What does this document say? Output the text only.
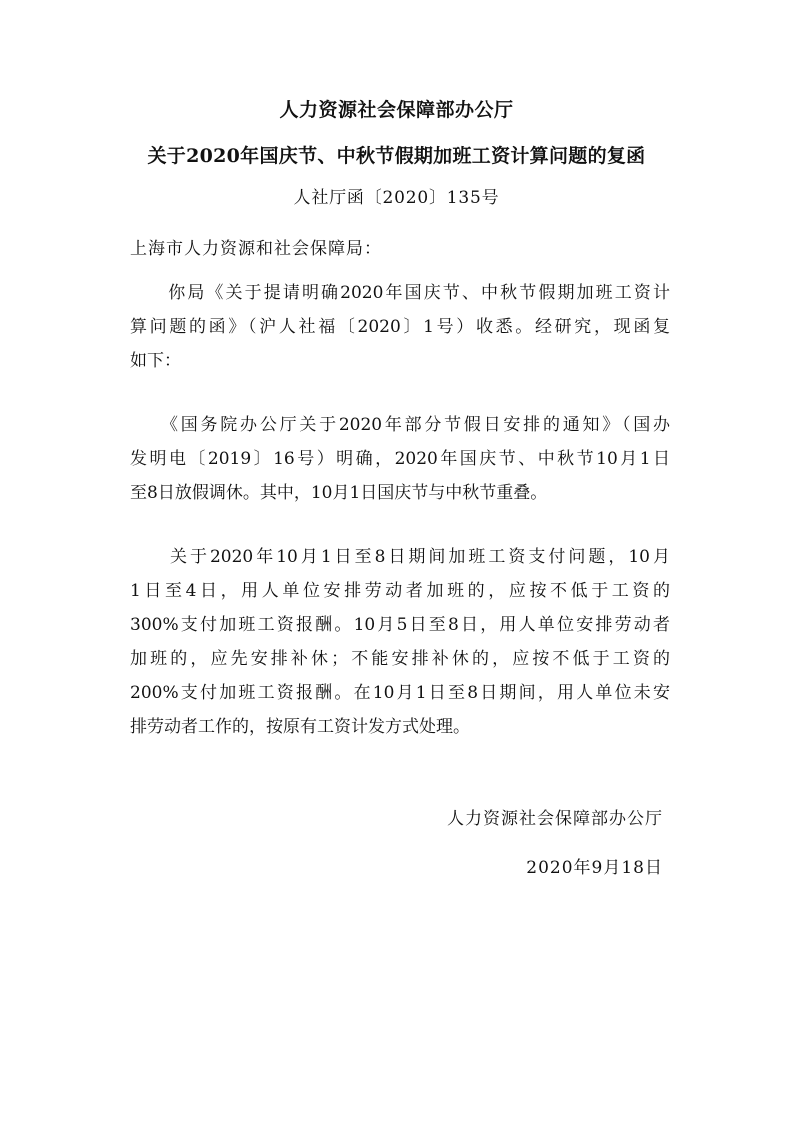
人力资源社会保障部办公厅
关于2020年国庆节、中秋节假期加班工资计算问题的复函
人社厅函〔2020〕135号
上海市人力资源和社会保障局：
　　你局《关于提请明确2020年国庆节、中秋节假期加班工资计
算问题的函》（沪人社福〔2020〕1号）收悉。经研究，现函复
如下：
　　《国务院办公厅关于2020年部分节假日安排的通知》（国办
发明电〔2019〕16号）明确，2020年国庆节、中秋节10月1日
至8日放假调休。其中，10月1日国庆节与中秋节重叠。
　　关于2020年10月1日至8日期间加班工资支付问题，10月
1日至4日，用人单位安排劳动者加班的，应按不低于工资的
300%支付加班工资报酬。10月5日至8日，用人单位安排劳动者
加班的，应先安排补休；不能安排补休的，应按不低于工资的
200%支付加班工资报酬。在10月1日至8日期间，用人单位未安
排劳动者工作的，按原有工资计发方式处理。
人力资源社会保障部办公厅
2020年9月18日
